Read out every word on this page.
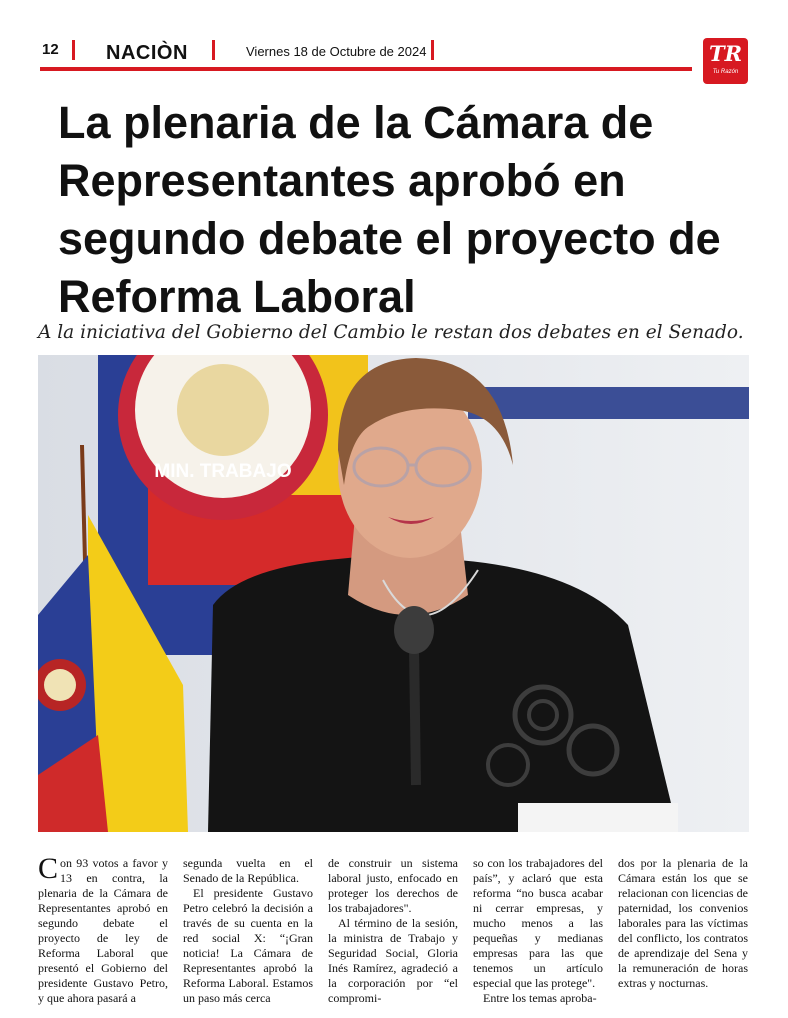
12 NACIÒN	Viernes 18 de Octubre de 2024	TR
Tu Razón
La plenaria de la Cámara de Representantes aprobó en segundo debate el proyecto de Reforma Laboral

A la iniciativa del Gobierno del Cambio le restan dos debates en el Senado.

MIN. TRABAJO

Con 93 votos a favor y 13 en contra, la plenaria de la Cámara de Representantes aprobó en segundo debate el proyecto de ley de Reforma Laboral que presentó el Gobierno del presidente Gustavo Petro, y que ahora pasará a

segunda vuelta en el Senado de la República.

El presidente Gustavo Petro celebró la decisión a través de su cuenta en la red social X: “¡Gran noticia! La Cámara de Representantes aprobó la Reforma Laboral. Estamos un paso más cerca

de construir un sistema laboral justo, enfocado en proteger los derechos de los trabajadores".

Al término de la sesión, la ministra de Trabajo y Seguridad Social, Gloria Inés Ramírez, agradeció a la corporación por “el compromi-

so con los trabajadores del país”, y aclaró que esta reforma “no busca acabar ni cerrar empresas, y mucho menos a las pequeñas y medianas empresas para las que tenemos un artículo especial que las protege".

Entre los temas aproba-

dos por la plenaria de la Cámara están los que se relacionan con licencias de paternidad, los convenios laborales para las víctimas del conflicto, los contratos de aprendizaje del Sena y la remuneración de horas extras y nocturnas.
